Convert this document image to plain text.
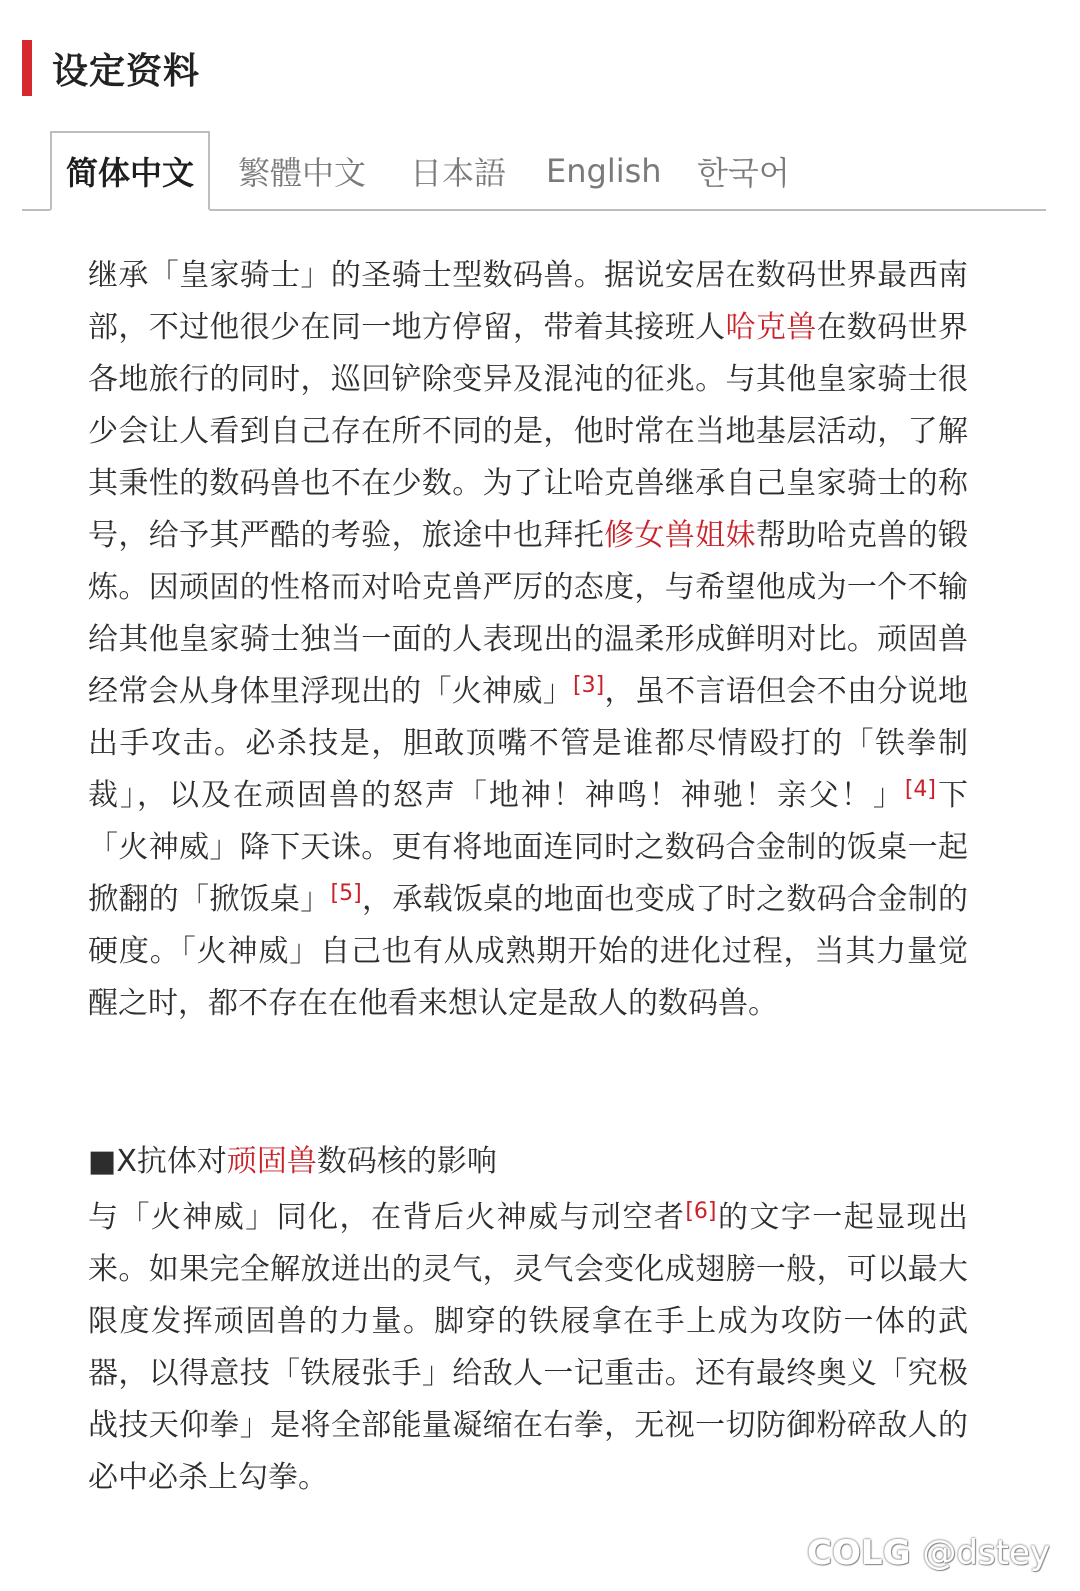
设定资料
简体中文	繁體中文 日本語 English 한국어

继承「皇家骑士」的圣骑士型数码兽。据说安居在数码世界最西南部，不过他很少在同一地方停留，带着其接班人哈克兽在数码世界各地旅行的同时，巡回铲除变异及混沌的征兆。与其他皇家骑士很少会让人看到自己存在所不同的是，他时常在当地基层活动，了解其秉性的数码兽也不在少数。为了让哈克兽继承自己皇家骑士的称号，给予其严酷的考验，旅途中也拜托修女兽姐妹帮助哈克兽的锻炼。因顽固的性格而对哈克兽严厉的态度，与希望他成为一个不输给其他皇家骑士独当一面的人表现出的温柔形成鲜明对比。顽固兽经常会从身体里浮现出的「火神威」[3]，虽不言语但会不由分说地出手攻击。必杀技是，胆敢顶嘴不管是谁都尽情殴打的「铁拳制裁」，以及在顽固兽的怒声「地神！神鸣！神驰！亲父！」[4]下「火神威」降下天诛。更有将地面连同时之数码合金制的饭桌一起掀翻的「掀饭桌」[5]，承载饭桌的地面也变成了时之数码合金制的硬度。「火神威」自己也有从成熟期开始的进化过程，当其力量觉醒之时，都不存在在他看来想认定是敌人的数码兽。

■X抗体对顽固兽数码核的影响

与「火神威」同化，在背后火神威与刓空者[6]的文字一起显现出来。如果完全解放迸出的灵气，灵气会变化成翅膀一般，可以最大限度发挥顽固兽的力量。脚穿的铁屐拿在手上成为攻防一体的武器，以得意技「铁屐张手」给敌人一记重击。还有最终奥义「究极战技天仰拳」是将全部能量凝缩在右拳，无视一切防御粉碎敌人的必中必杀上勾拳。

COLG @dstey
